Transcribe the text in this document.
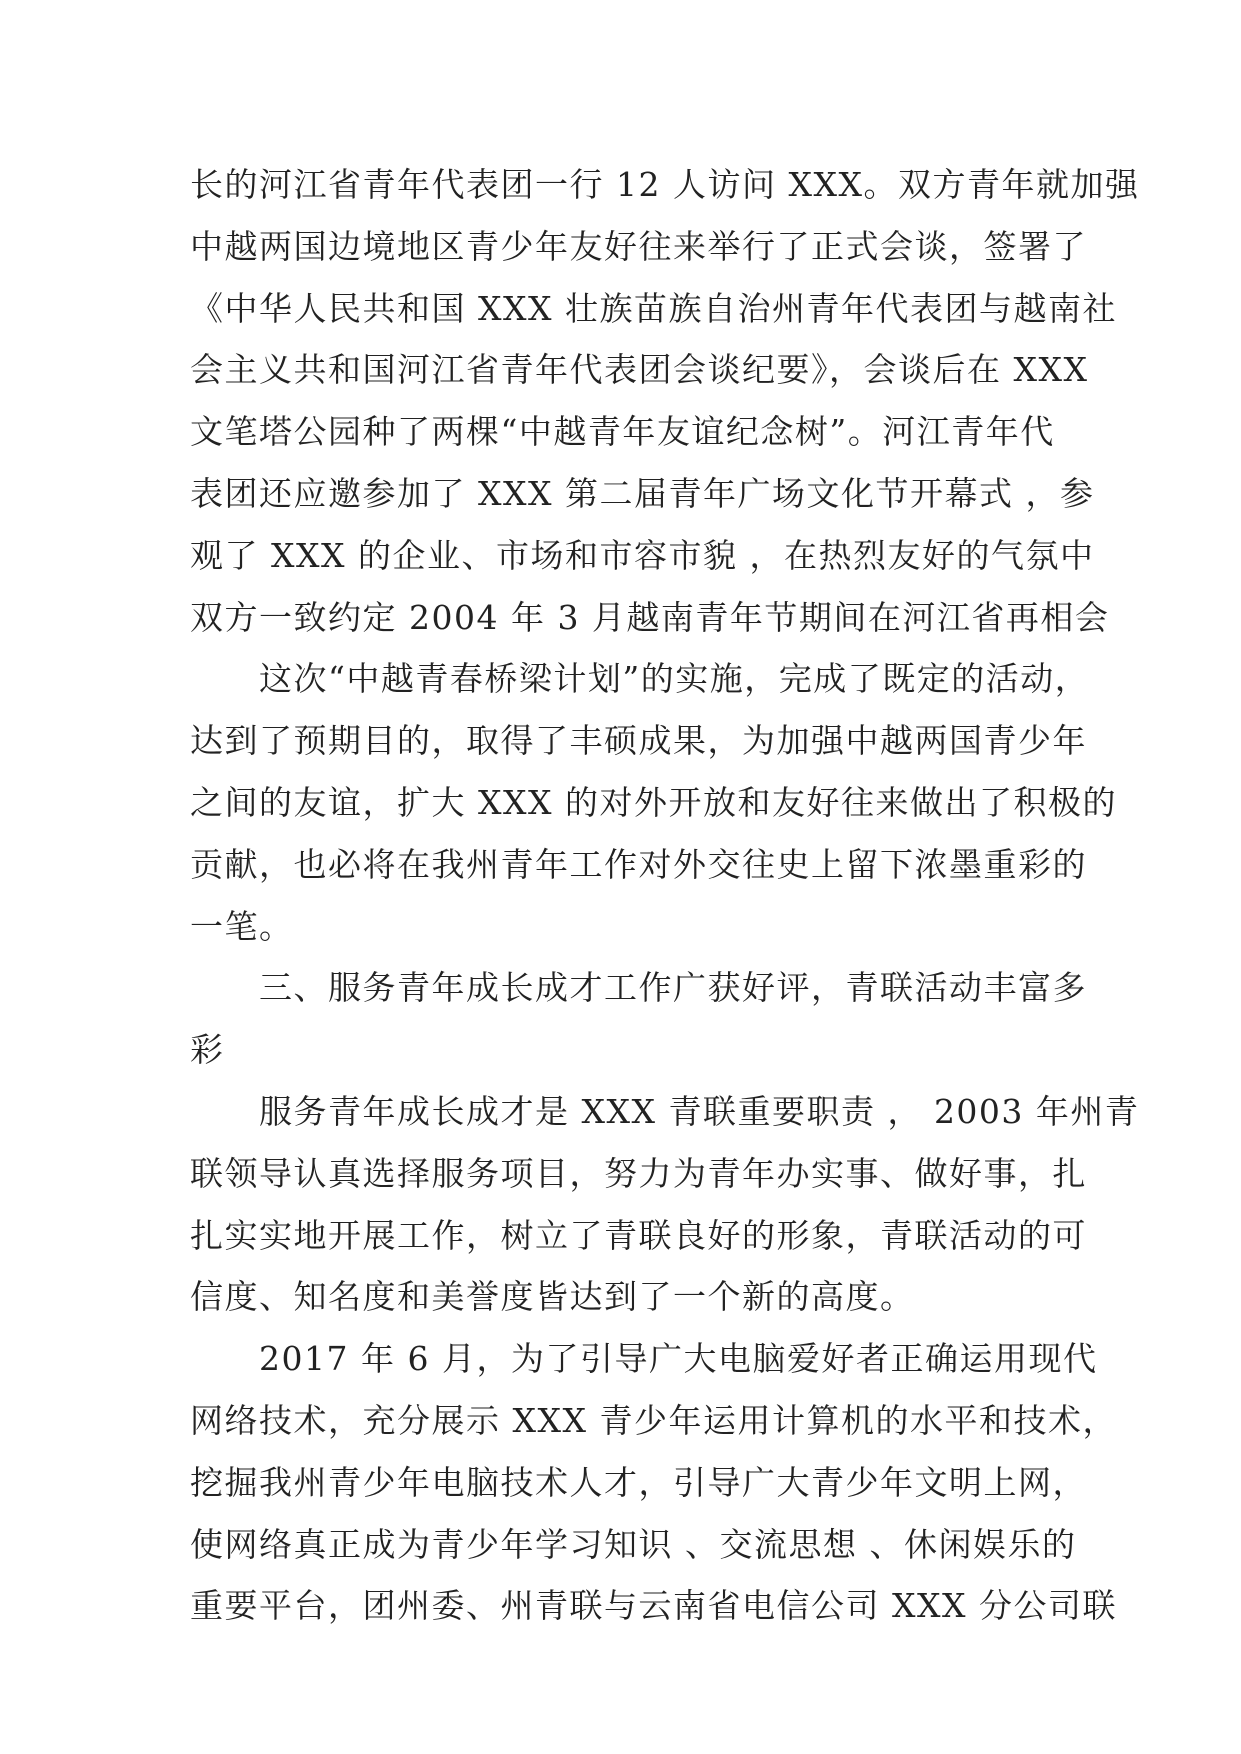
长的河江省青年代表团一行 12 人访问 XXX。双方青年就加强
中越两国边境地区青少年友好往来举行了正式会谈，签署了
《中华人民共和国 XXX 壮族苗族自治州青年代表团与越南社
会主义共和国河江省青年代表团会谈纪要》，会谈后在 XXX
文笔塔公园种了两棵“中越青年友谊纪念树”。河江青年代
表团还应邀参加了 XXX 第二届青年广场文化节开幕式 ，参
观了 XXX 的企业、市场和市容市貌 ，在热烈友好的气氛中
双方一致约定 2004 年 3 月越南青年节期间在河江省再相会
　　这次“中越青春桥梁计划”的实施，完成了既定的活动，
达到了预期目的，取得了丰硕成果，为加强中越两国青少年
之间的友谊，扩大 XXX 的对外开放和友好往来做出了积极的
贡献，也必将在我州青年工作对外交往史上留下浓墨重彩的
一笔。
　　三、服务青年成长成才工作广获好评，青联活动丰富多
彩
　　服务青年成长成才是 XXX 青联重要职责 ， 2003 年州青
联领导认真选择服务项目，努力为青年办实事、做好事，扎
扎实实地开展工作，树立了青联良好的形象，青联活动的可
信度、知名度和美誉度皆达到了一个新的高度。
　　2017 年 6 月，为了引导广大电脑爱好者正确运用现代
网络技术，充分展示 XXX 青少年运用计算机的水平和技术，
挖掘我州青少年电脑技术人才，引导广大青少年文明上网，
使网络真正成为青少年学习知识 、交流思想 、休闲娱乐的
重要平台，团州委、州青联与云南省电信公司 XXX 分公司联
